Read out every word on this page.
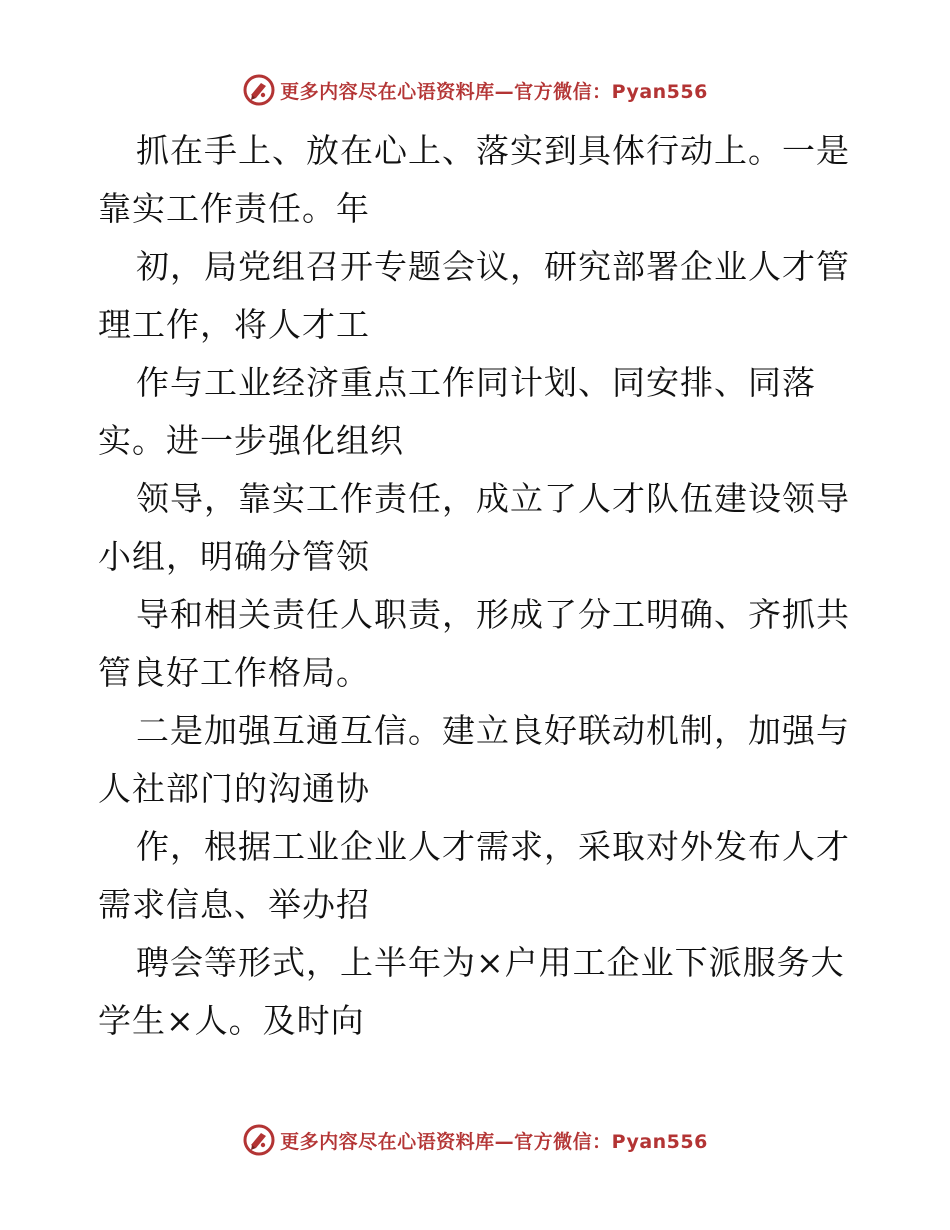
更多内容尽在心语资料库—官方微信：Pyan556
抓在手上、放在心上、落实到具体行动上。一是
靠实工作责任。年
初，局党组召开专题会议，研究部署企业人才管
理工作，将人才工
作与工业经济重点工作同计划、同安排、同落
实。进一步强化组织
领导，靠实工作责任，成立了人才队伍建设领导
小组，明确分管领
导和相关责任人职责，形成了分工明确、齐抓共
管良好工作格局。
二是加强互通互信。建立良好联动机制，加强与
人社部门的沟通协
作，根据工业企业人才需求，采取对外发布人才
需求信息、举办招
聘会等形式，上半年为×户用工企业下派服务大
学生×人。及时向
更多内容尽在心语资料库—官方微信：Pyan556
